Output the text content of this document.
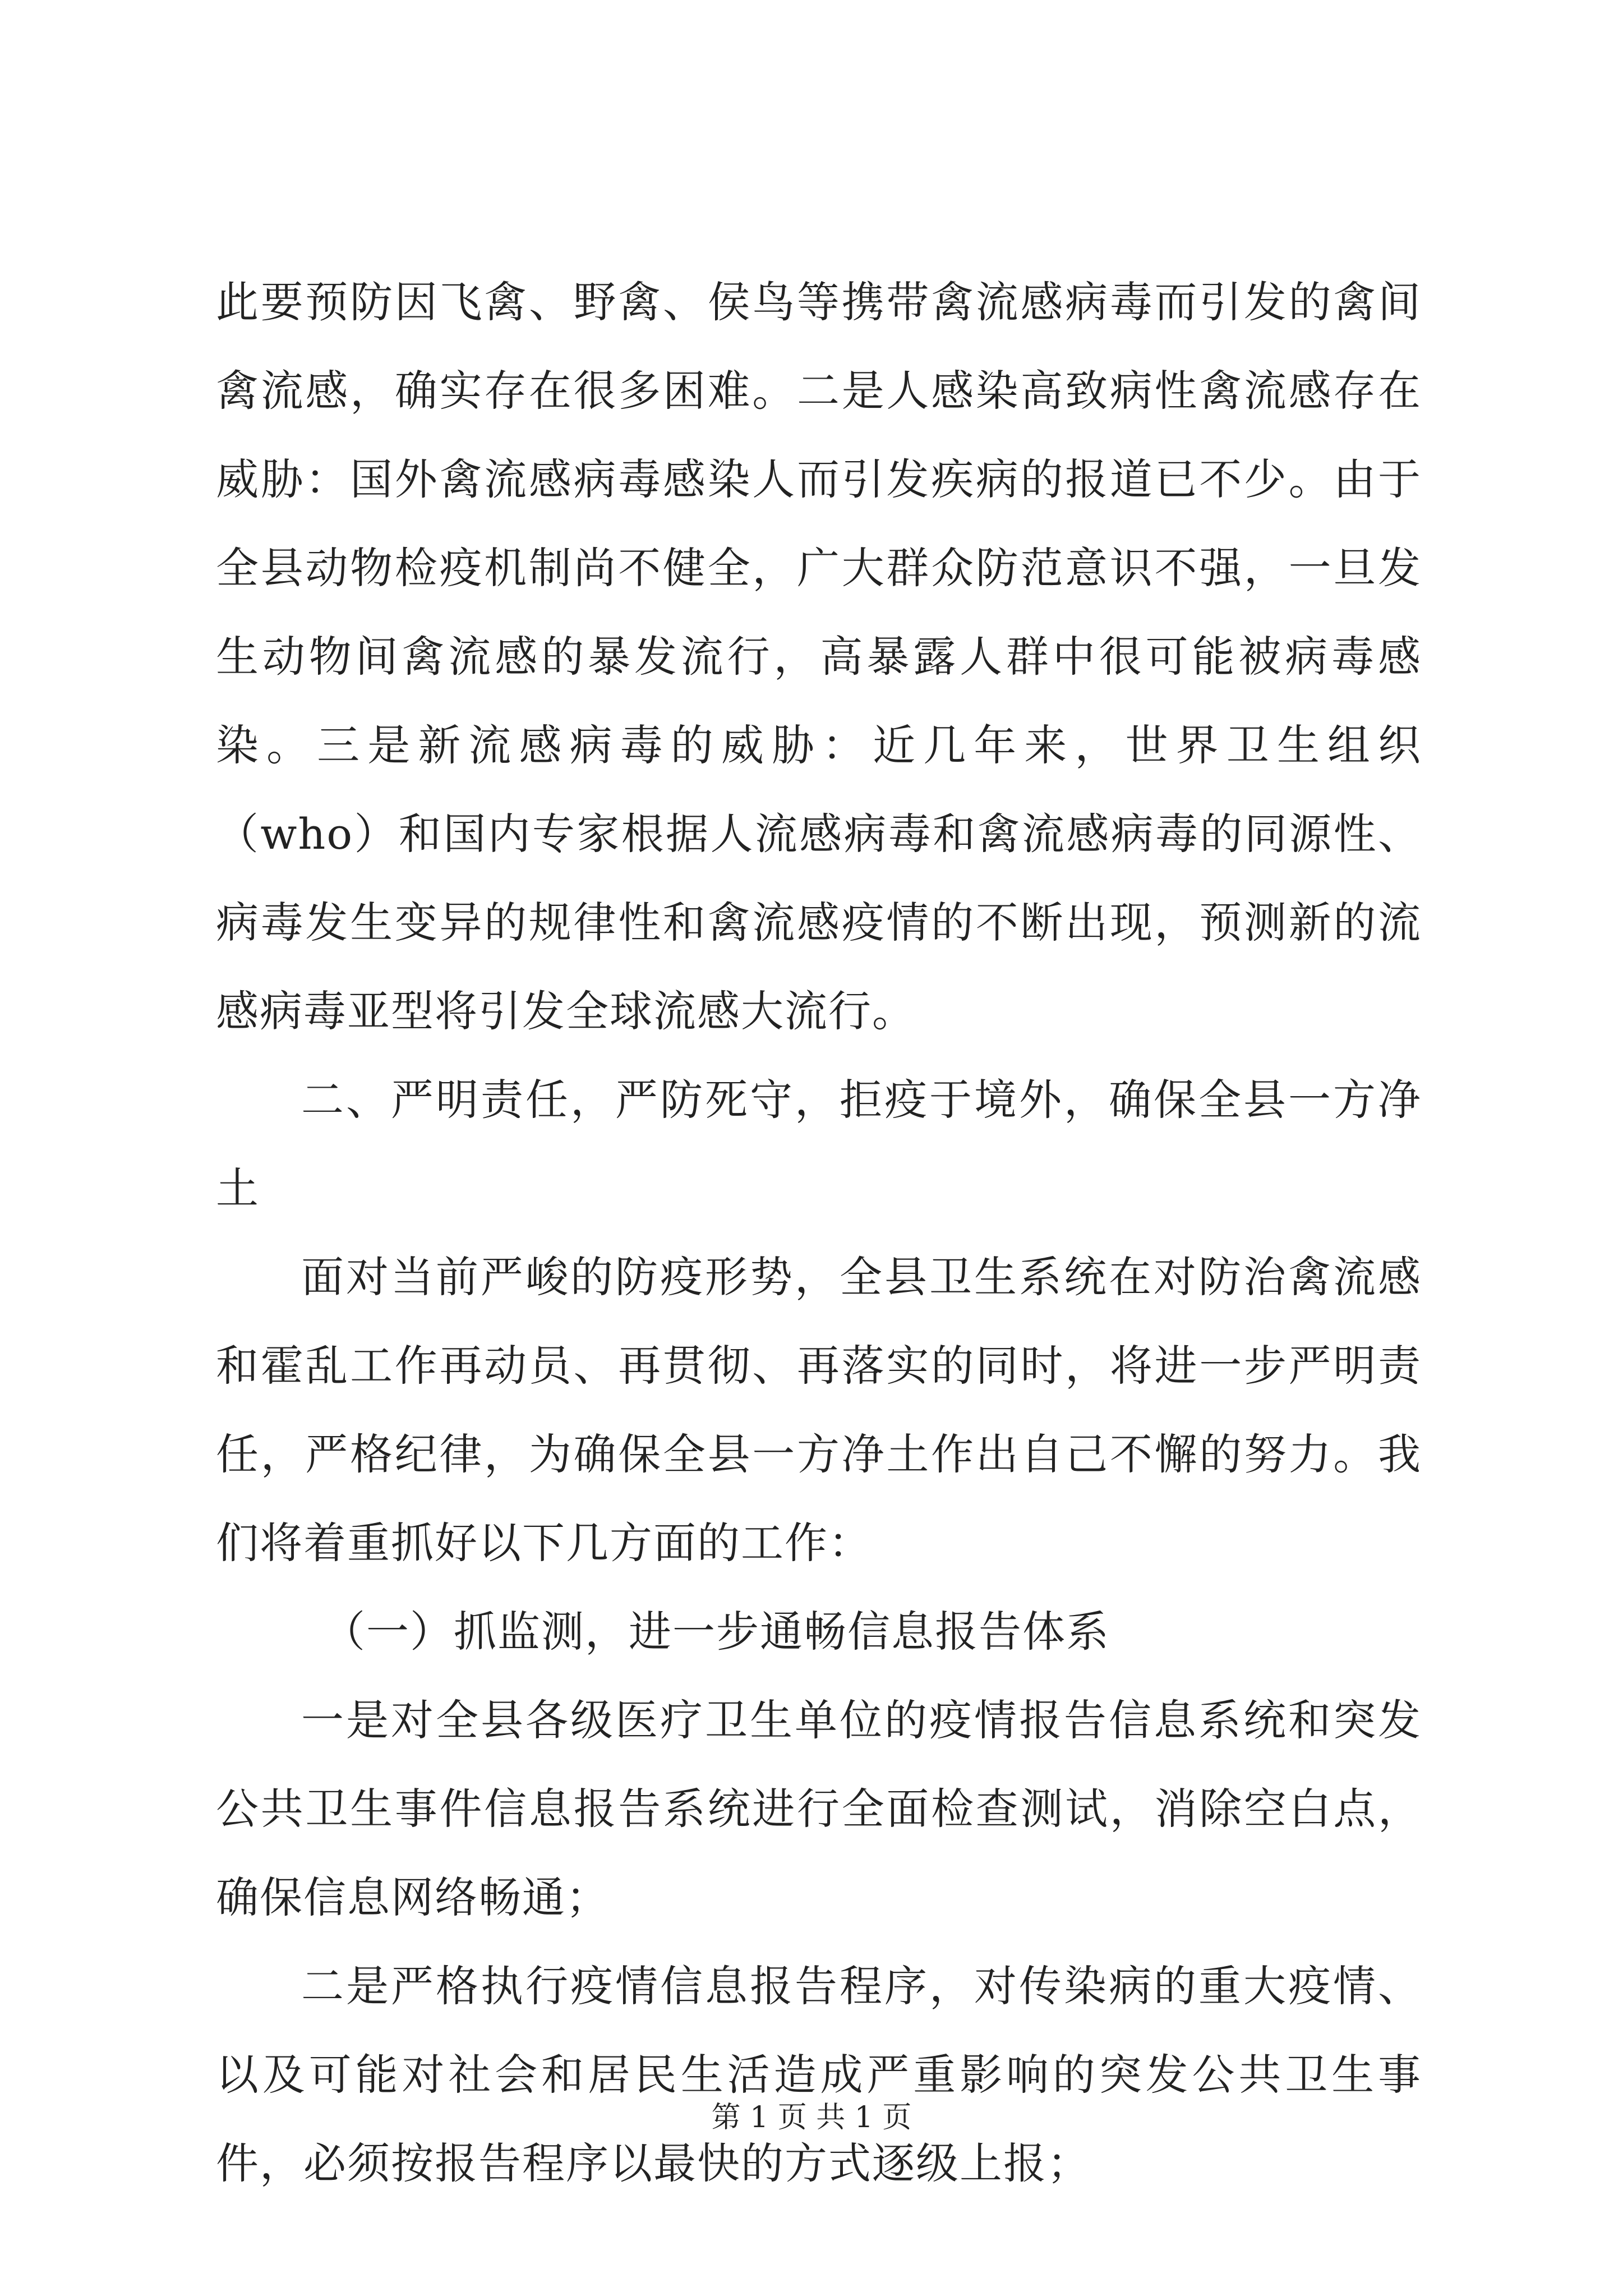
此要预防因飞禽、野禽、侯鸟等携带禽流感病毒而引发的禽间禽流感，确实存在很多困难。二是人感染高致病性禽流感存在威胁：国外禽流感病毒感染人而引发疾病的报道已不少。由于全县动物检疫机制尚不健全，广大群众防范意识不强，一旦发生动物间禽流感的暴发流行，高暴露人群中很可能被病毒感染。三是新流感病毒的威胁：近几年来，世界卫生组织（who）和国内专家根据人流感病毒和禽流感病毒的同源性、病毒发生变异的规律性和禽流感疫情的不断出现，预测新的流感病毒亚型将引发全球流感大流行。

二、严明责任，严防死守，拒疫于境外，确保全县一方净土

面对当前严峻的防疫形势，全县卫生系统在对防治禽流感和霍乱工作再动员、再贯彻、再落实的同时，将进一步严明责任，严格纪律，为确保全县一方净土作出自己不懈的努力。我们将着重抓好以下几方面的工作：

（一）抓监测，进一步通畅信息报告体系

一是对全县各级医疗卫生单位的疫情报告信息系统和突发公共卫生事件信息报告系统进行全面检查测试，消除空白点，确保信息网络畅通；

二是严格执行疫情信息报告程序，对传染病的重大疫情、以及可能对社会和居民生活造成严重影响的突发公共卫生事件，必须按报告程序以最快的方式逐级上报；

第 1 页 共 1 页
